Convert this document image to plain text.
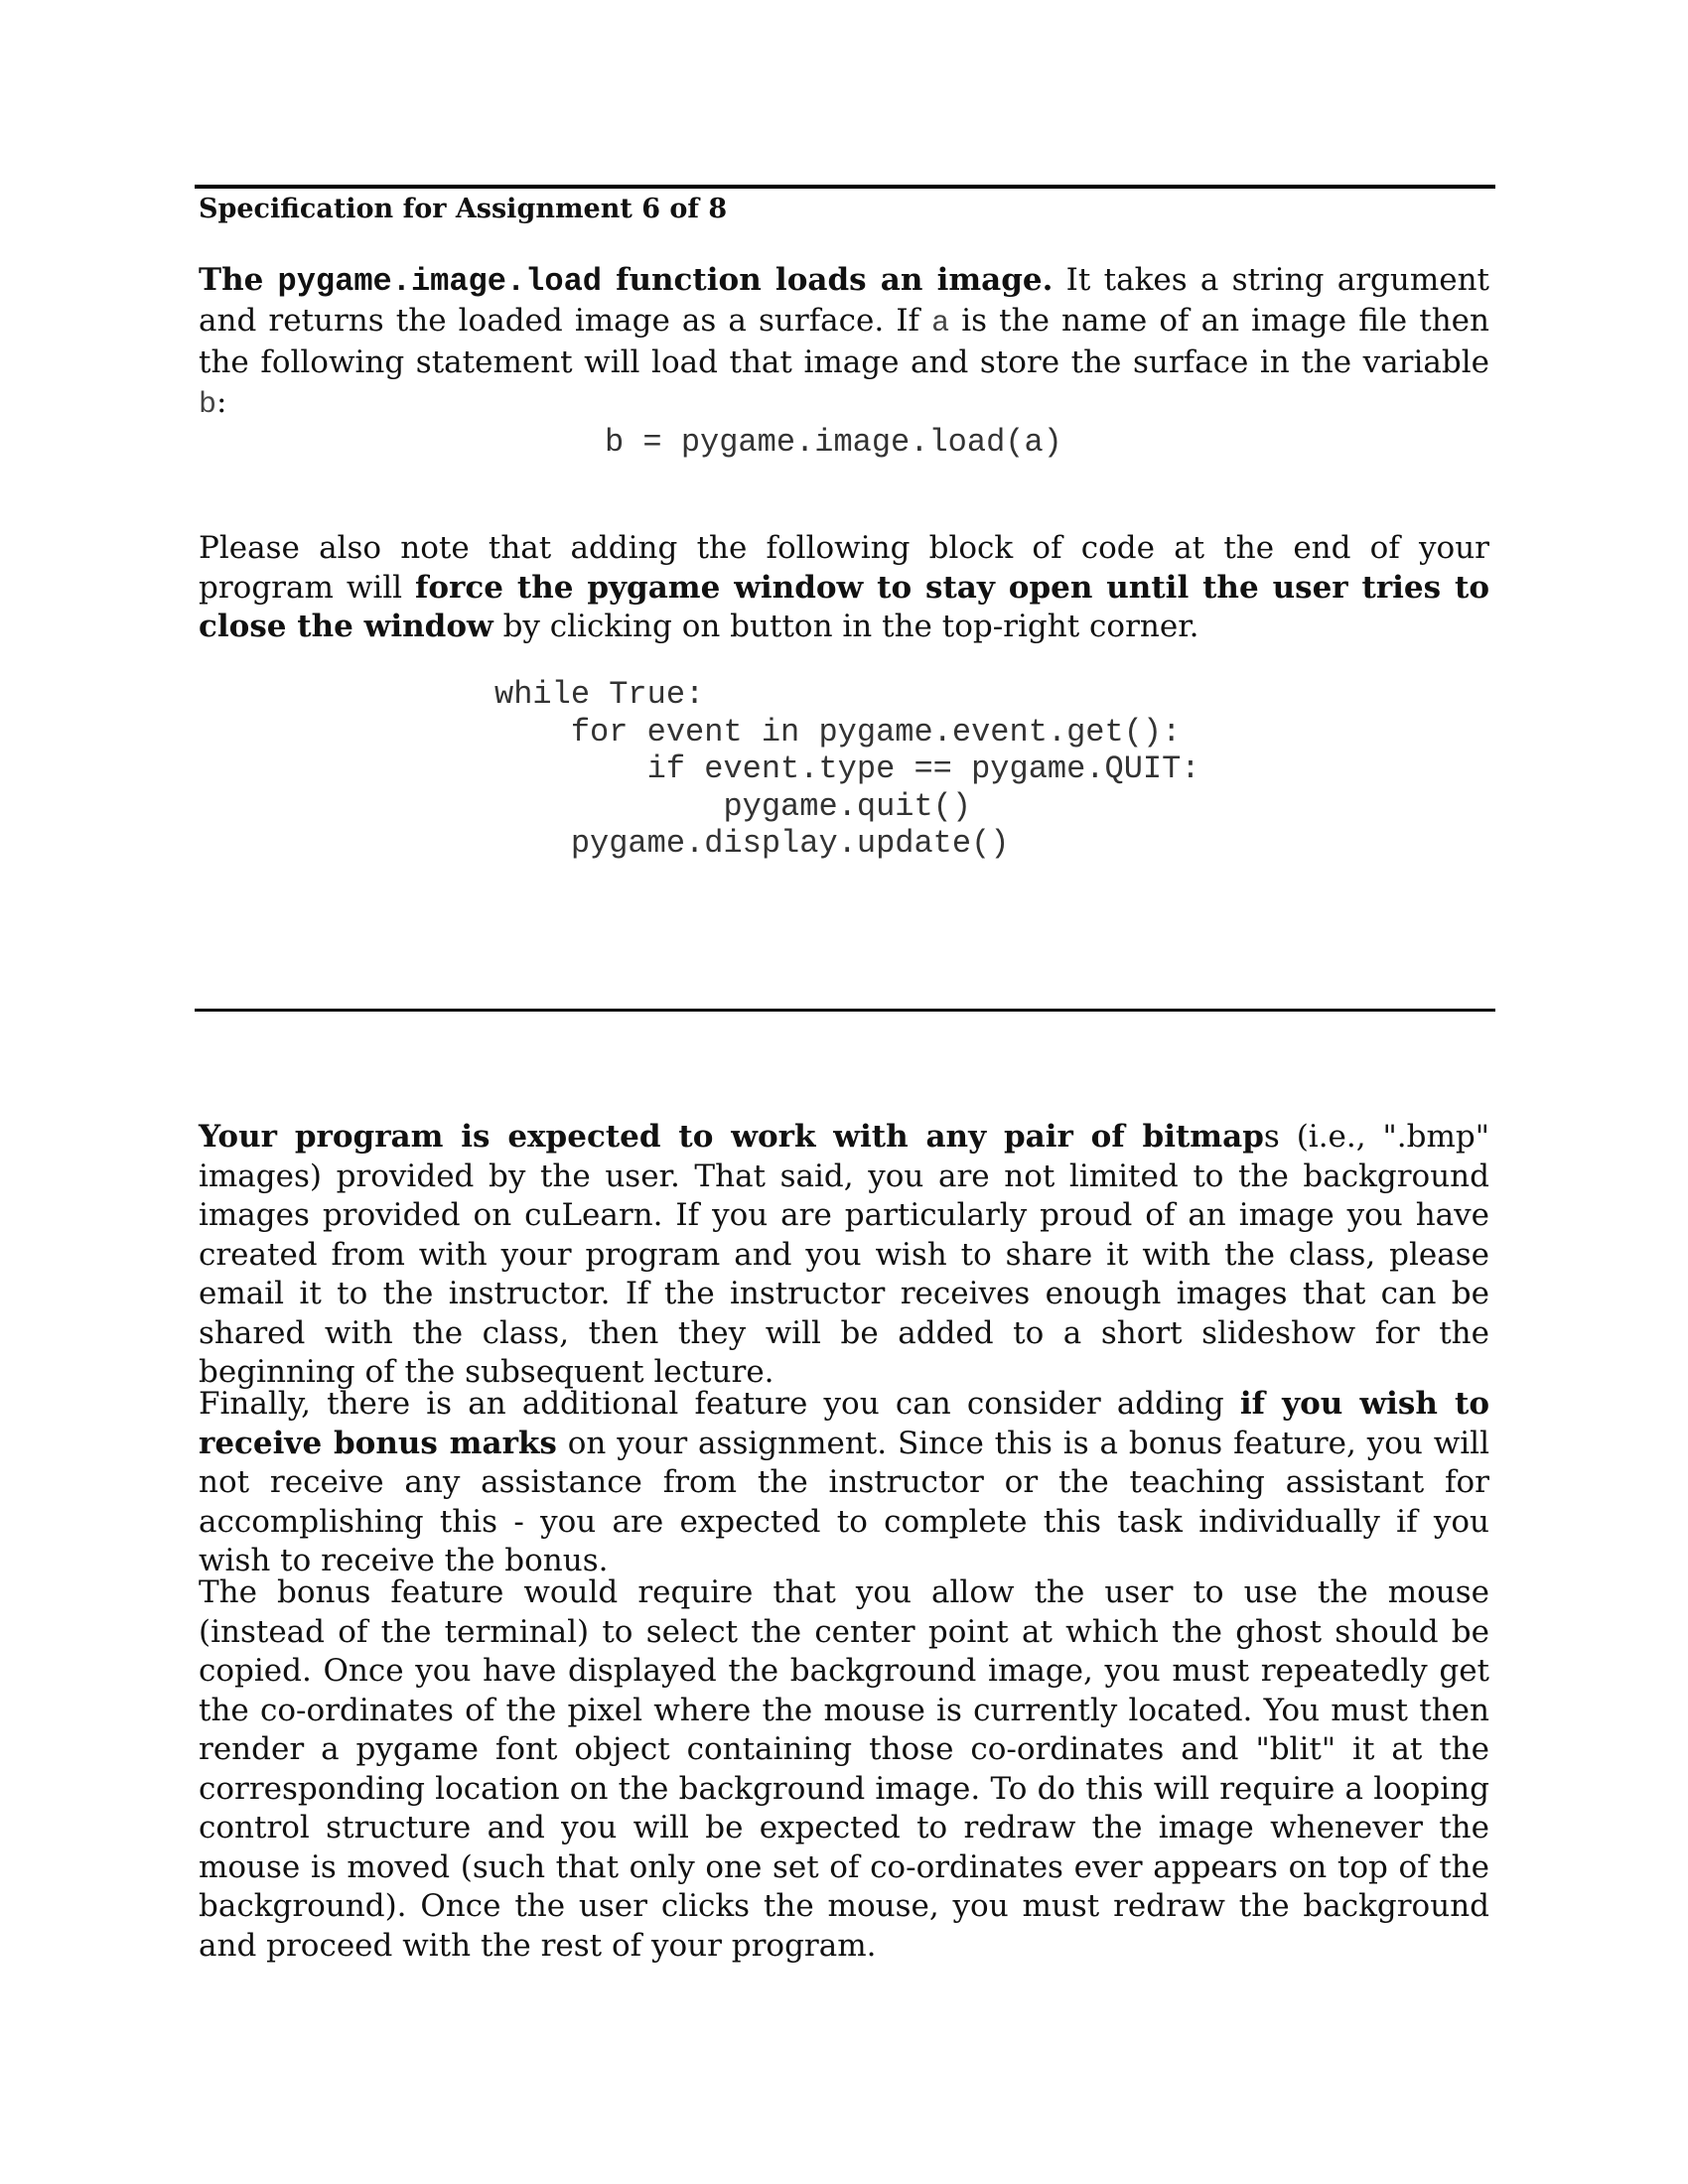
Specification for Assignment 6 of 8
The pygame.image.load function loads an image. It takes a string argument and returns the loaded image as a surface. If a is the name of an image file then the following statement will load that image and store the surface in the variable b:
b = pygame.image.load(a)
Please also note that adding the following block of code at the end of your program will force the pygame window to stay open until the user tries to close the window by clicking on button in the top-right corner.
while True:
for event in pygame.event.get():
if event.type == pygame.QUIT:
pygame.quit()
pygame.display.update()
Your program is expected to work with any pair of bitmaps (i.e., ".bmp" images) provided by the user. That said, you are not limited to the background images provided on cuLearn. If you are particularly proud of an image you have created from with your program and you wish to share it with the class, please email it to the instructor. If the instructor receives enough images that can be shared with the class, then they will be added to a short slideshow for the beginning of the subsequent lecture.
Finally, there is an additional feature you can consider adding if you wish to receive bonus marks on your assignment. Since this is a bonus feature, you will not receive any assistance from the instructor or the teaching assistant for accomplishing this - you are expected to complete this task individually if you wish to receive the bonus.
The bonus feature would require that you allow the user to use the mouse (instead of the terminal) to select the center point at which the ghost should be copied. Once you have displayed the background image, you must repeatedly get the co-ordinates of the pixel where the mouse is currently located. You must then render a pygame font object containing those co-ordinates and "blit" it at the corresponding location on the background image. To do this will require a looping control structure and you will be expected to redraw the image whenever the mouse is moved (such that only one set of co-ordinates ever appears on top of the background). Once the user clicks the mouse, you must redraw the background and proceed with the rest of your program.
